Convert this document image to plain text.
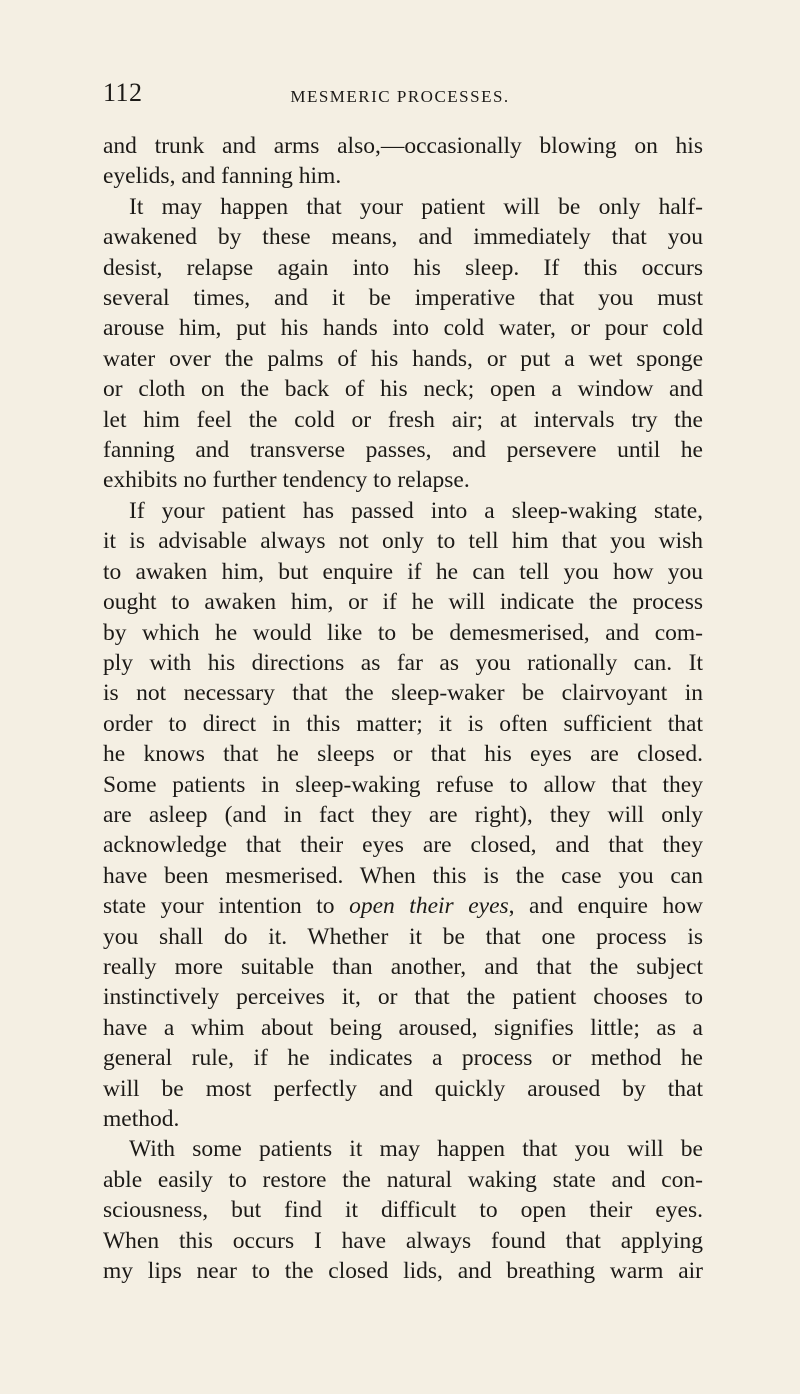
112	MESMERIC PROCESSES.

and trunk and arms also,—occasionally blowing on his
eyelids, and fanning him.

It may happen that your patient will be only half-
awakened by these means, and immediately that you
desist, relapse again into his sleep. If this occurs
several times, and it be imperative that you must
arouse him, put his hands into cold water, or pour cold
water over the palms of his hands, or put a wet sponge
or cloth on the back of his neck; open a window and
let him feel the cold or fresh air; at intervals try the
fanning and transverse passes, and persevere until he
exhibits no further tendency to relapse.

If your patient has passed into a sleep-waking state,
it is advisable always not only to tell him that you wish
to awaken him, but enquire if he can tell you how you
ought to awaken him, or if he will indicate the process
by which he would like to be demesmerised, and com-
ply with his directions as far as you rationally can. It
is not necessary that the sleep-waker be clairvoyant in
order to direct in this matter; it is often sufficient that
he knows that he sleeps or that his eyes are closed.
Some patients in sleep-waking refuse to allow that they
are asleep (and in fact they are right), they will only
acknowledge that their eyes are closed, and that they
have been mesmerised. When this is the case you can
state your intention to open their eyes, and enquire how
you shall do it. Whether it be that one process is
really more suitable than another, and that the subject
instinctively perceives it, or that the patient chooses to
have a whim about being aroused, signifies little; as a
general rule, if he indicates a process or method he
will be most perfectly and quickly aroused by that
method.

With some patients it may happen that you will be
able easily to restore the natural waking state and con-
sciousness, but find it difficult to open their eyes.
When this occurs I have always found that applying
my lips near to the closed lids, and breathing warm air
